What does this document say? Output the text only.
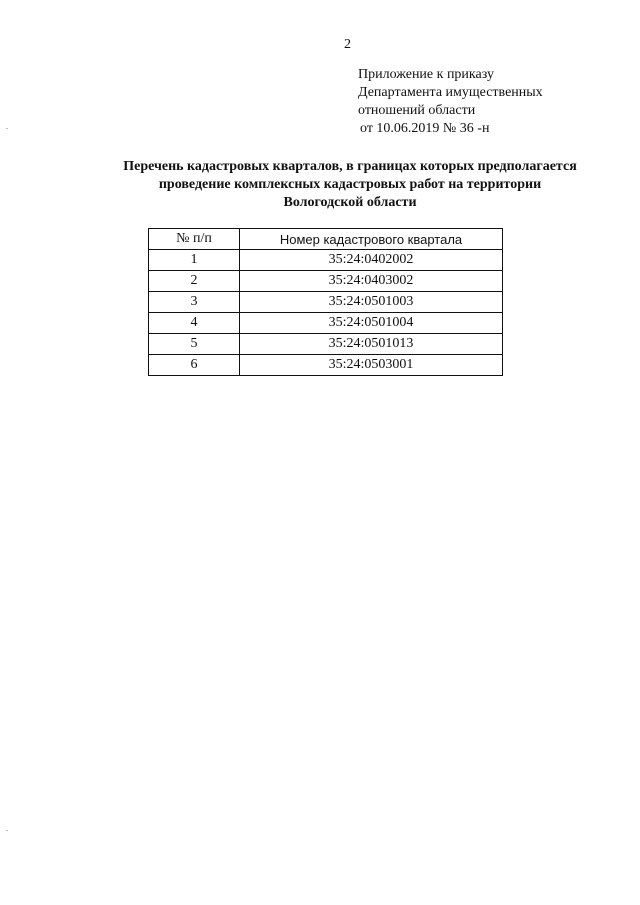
2
Приложение к приказу
Департамента имущественных
отношений области
от 10.06.2019 № 36 -н
Перечень кадастровых кварталов, в границах которых предполагается
проведение комплексных кадастровых работ на территории
Вологодской области
№ п/п	Номер кадастрового квартала
1	35:24:0402002
2	35:24:0403002
3	35:24:0501003
4	35:24:0501004
5	35:24:0501013
6	35:24:0503001
